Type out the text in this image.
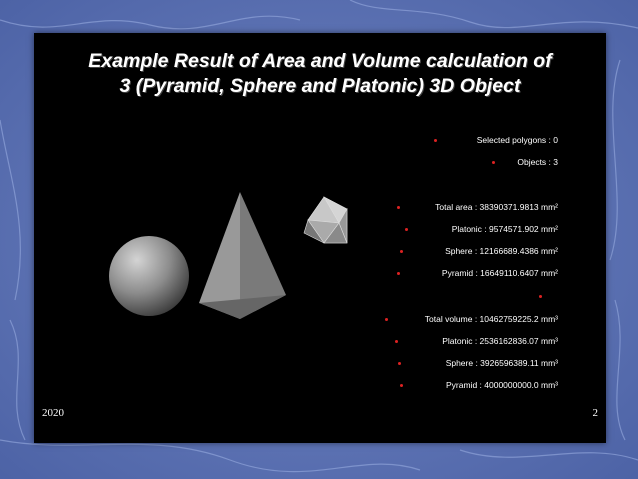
Example Result of Area and Volume calculation of
3 (Pyramid, Sphere and Platonic) 3D Object
Selected polygons : 0
Objects : 3
Total area : 38390371.9813 mm²
Platonic : 9574571.902 mm²
Sphere : 12166689.4386 mm²
Pyramid : 16649110.6407 mm²
Total volume : 10462759225.2 mm³
Platonic : 2536162836.07 mm³
Sphere : 3926596389.11 mm³
Pyramid : 4000000000.0 mm³
2020	2
